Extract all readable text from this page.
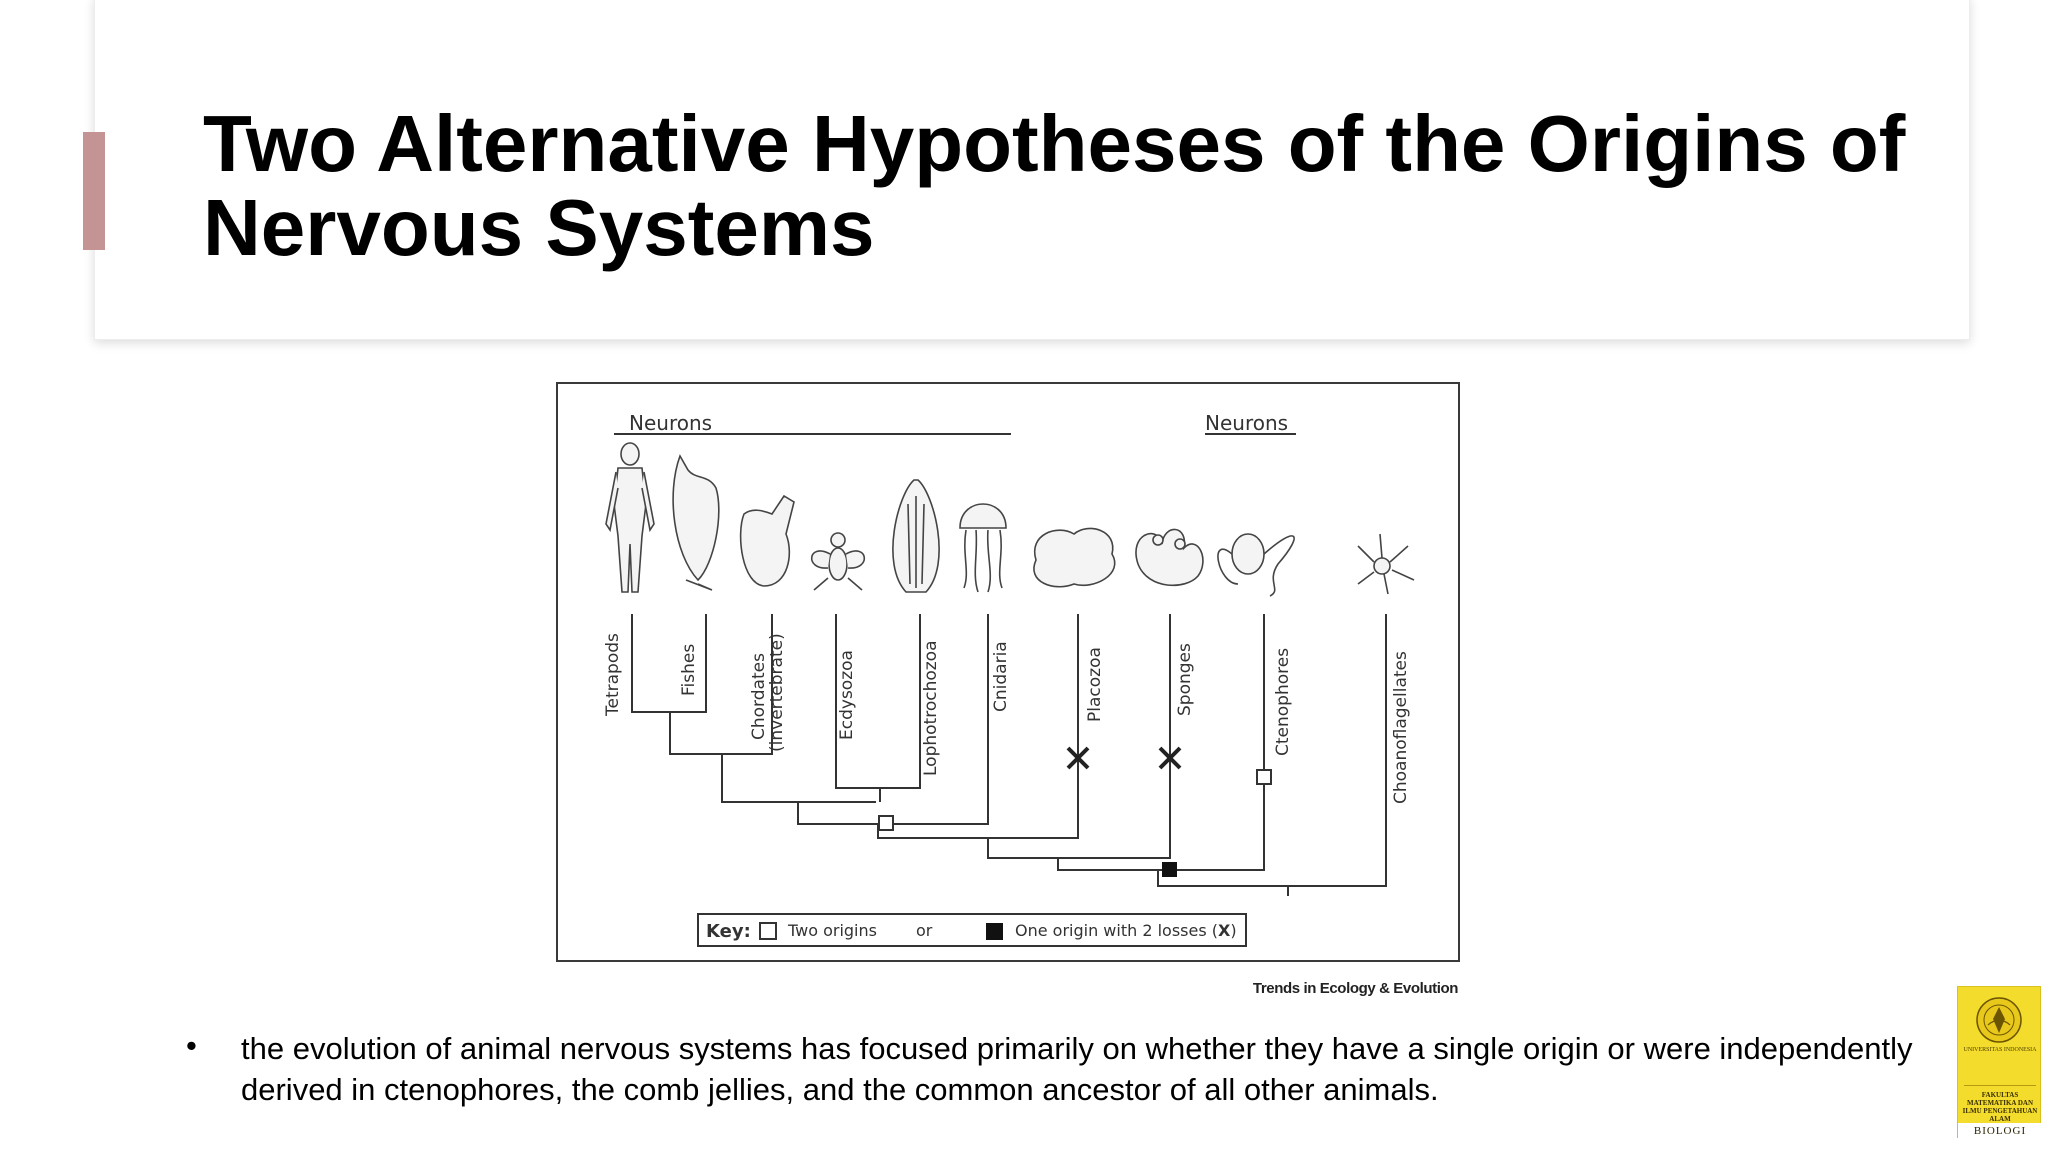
Two Alternative Hypotheses of the Origins of Nervous Systems
Neurons	Neurons
Tetrapods	Fishes	Chordates
(invertebrate)	Ecdysozoa	Lophotrochozoa	Cnidaria	Placozoa	Sponges	Ctenophores	Choanoflagellates
Key: Two origins or	One origin with 2 losses (X)
Trends in Ecology & Evolution
• the evolution of animal nervous systems has focused primarily on whether they have a single origin or were independently derived in ctenophores, the comb jellies, and the common ancestor of all other animals.

UNIVERSITAS INDONESIA
FAKULTAS MATEMATIKA DAN ILMU PENGETAHUAN ALAM
BIOLOGI
